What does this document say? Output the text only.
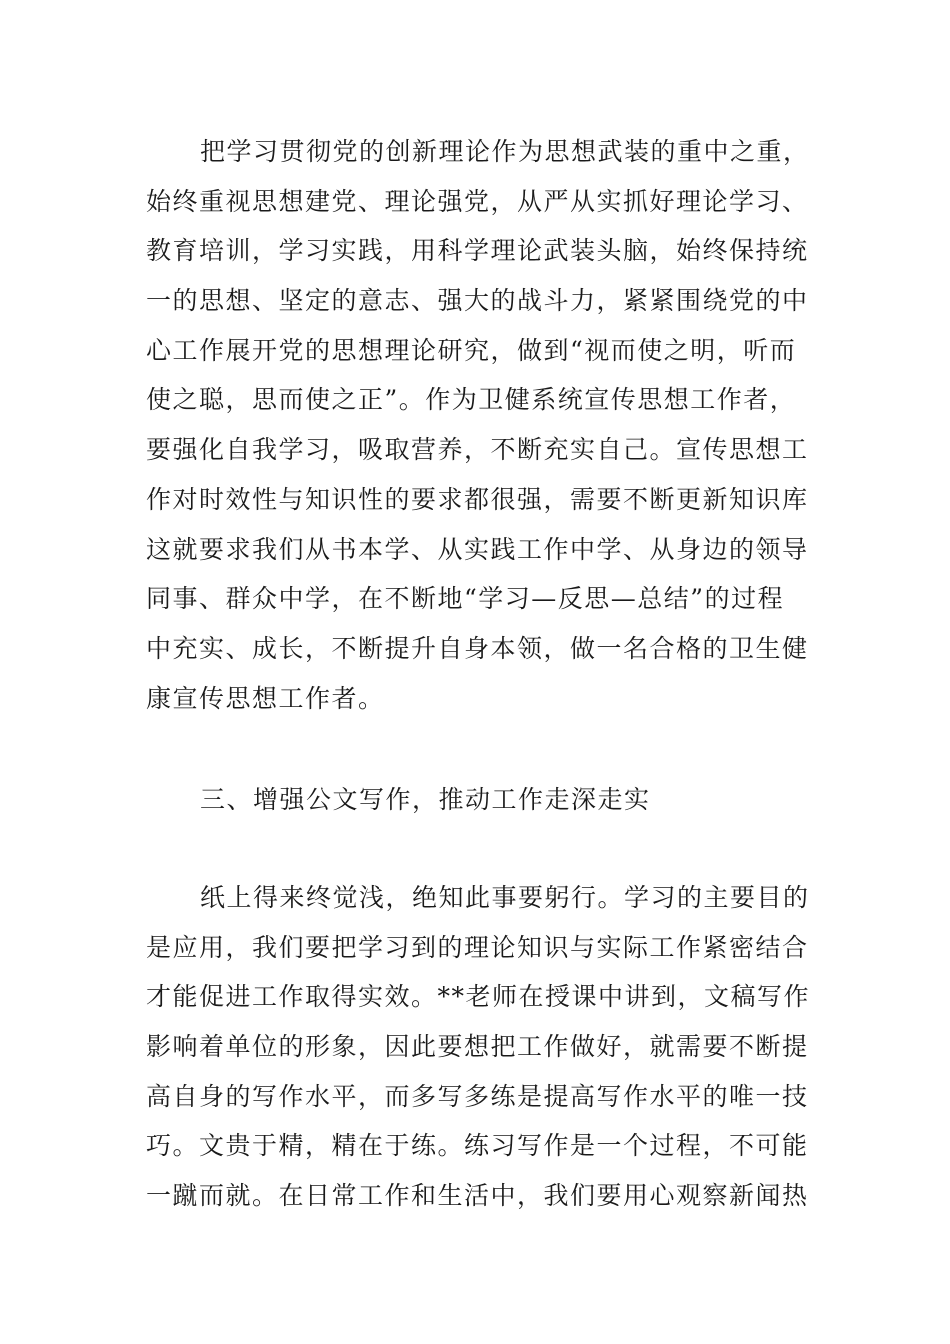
把学习贯彻党的创新理论作为思想武装的重中之重，
始终重视思想建党、理论强党，从严从实抓好理论学习、
教育培训，学习实践，用科学理论武装头脑，始终保持统
一的思想、坚定的意志、强大的战斗力，紧紧围绕党的中
心工作展开党的思想理论研究，做到“视而使之明，听而
使之聪，思而使之正”。作为卫健系统宣传思想工作者，
要强化自我学习，吸取营养，不断充实自己。宣传思想工
作对时效性与知识性的要求都很强，需要不断更新知识库
这就要求我们从书本学、从实践工作中学、从身边的领导
同事、群众中学，在不断地“学习—反思—总结”的过程
中充实、成长，不断提升自身本领，做一名合格的卫生健
康宣传思想工作者。
三、增强公文写作，推动工作走深走实
纸上得来终觉浅，绝知此事要躬行。学习的主要目的
是应用，我们要把学习到的理论知识与实际工作紧密结合
才能促进工作取得实效。**老师在授课中讲到，文稿写作
影响着单位的形象，因此要想把工作做好，就需要不断提
高自身的写作水平，而多写多练是提高写作水平的唯一技
巧。文贵于精，精在于练。练习写作是一个过程，不可能
一蹴而就。在日常工作和生活中，我们要用心观察新闻热
